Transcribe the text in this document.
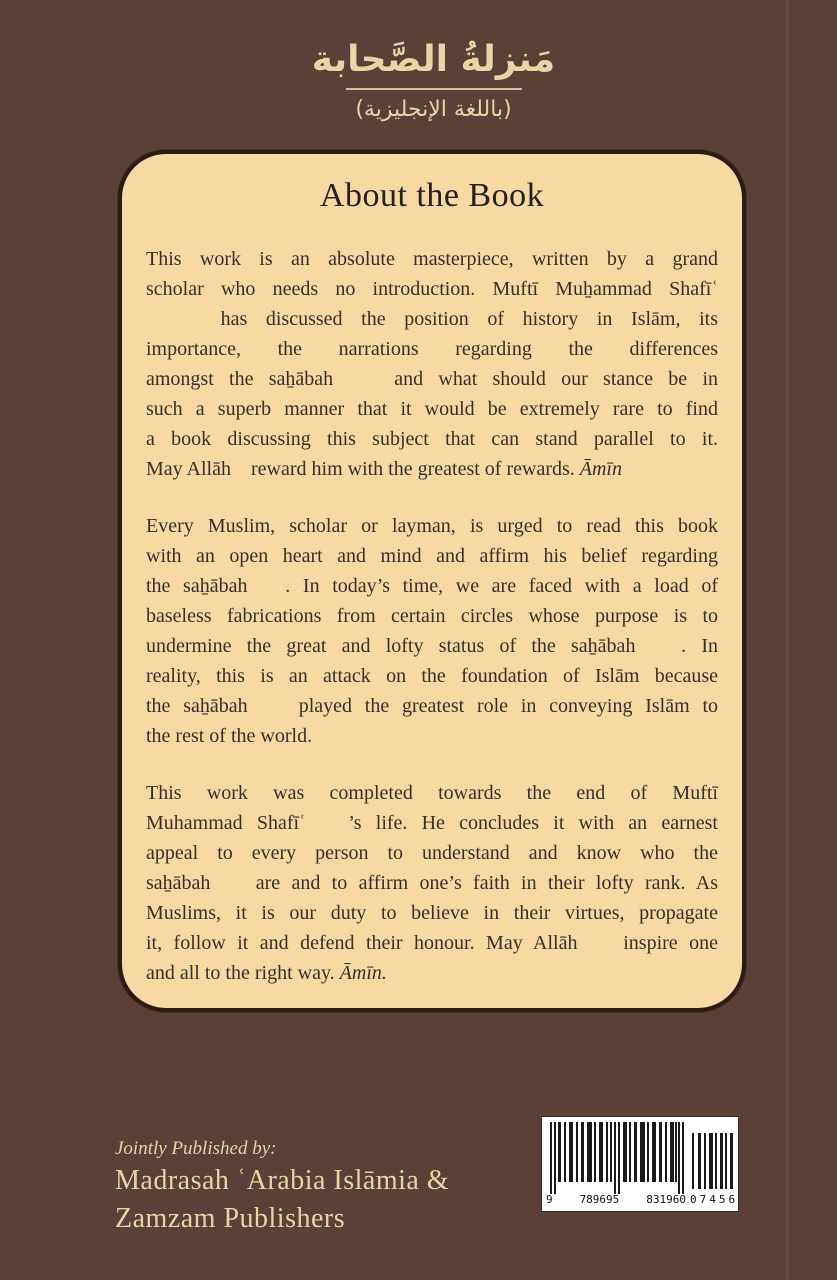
مَنزلةُ الصَّحابة
(باللغة الإنجليزية)
About the Book
This work is an absolute masterpiece, written by a grand
scholar who needs no introduction. Muftī Muẖammad Shafīʿ
has discussed the position of history in Islām, its
importance, the narrations regarding the differences
amongst the saẖābah    and what should our stance be in
such a superb manner that it would be extremely rare to find
a book discussing this subject that can stand parallel to it.
May Allāh    reward him with the greatest of rewards. Āmīn
Every Muslim, scholar or layman, is urged to read this book
with an open heart and mind and affirm his belief regarding
the saẖābah   . In today’s time, we are faced with a load of
baseless fabrications from certain circles whose purpose is to
undermine the great and lofty status of the saẖābah   . In
reality, this is an attack on the foundation of Islām because
the saẖābah    played the greatest role in conveying Islām to
the rest of the world.
This work was completed towards the end of Muftī
Muhammad Shafīʿ   ’s life. He concludes it with an earnest
appeal to every person to understand and know who the
saẖābah    are and to affirm one’s faith in their lofty rank. As
Muslims, it is our duty to believe in their virtues, propagate
it, follow it and defend their honour. May Allāh    inspire one
and all to the right way. Āmīn.
Jointly Published by:
Madrasah ʿArabia Islāmia &
Zamzam Publishers
9 789695 831960 07456
